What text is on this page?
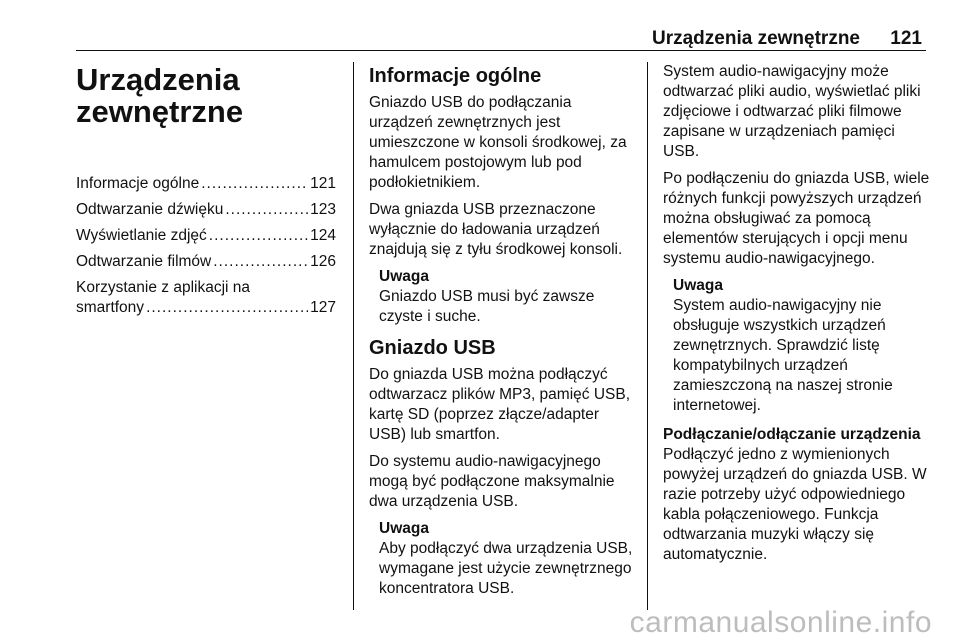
Urządzenia zewnętrzne 121
Urządzenia
zewnętrzne
Informacje ogólne .....	121
Odtwarzanie dźwięku .....	123
Wyświetlanie zdjęć .....	124
Odtwarzanie filmów .....	126
Korzystanie z aplikacji na
smartfony .....	127
Informacje ogólne

Gniazdo USB do podłączania urządzeń zewnętrznych jest umieszczone w konsoli środkowej, za hamulcem postojowym lub pod podłokietnikiem.

Dwa gniazda USB przeznaczone wyłącznie do ładowania urządzeń znajdują się z tyłu środkowej konsoli.

Uwaga
Gniazdo USB musi być zawsze czyste i suche.
Gniazdo USB

Do gniazda USB można podłączyć odtwarzacz plików MP3, pamięć USB, kartę SD (poprzez złącze/adapter USB) lub smartfon.

Do systemu audio-nawigacyjnego mogą być podłączone maksymalnie dwa urządzenia USB.

Uwaga
Aby podłączyć dwa urządzenia USB, wymagane jest użycie zewnętrznego koncentratora USB.

System audio-nawigacyjny może odtwarzać pliki audio, wyświetlać pliki zdjęciowe i odtwarzać pliki filmowe zapisane w urządzeniach pamięci USB.

Po podłączeniu do gniazda USB, wiele różnych funkcji powyższych urządzeń można obsługiwać za pomocą elementów sterujących i opcji menu systemu audio-nawigacyjnego.

Uwaga
System audio-nawigacyjny nie obsługuje wszystkich urządzeń zewnętrznych. Sprawdzić listę kompatybilnych urządzeń zamieszczoną na naszej stronie internetowej.
Podłączanie/odłączanie urządzenia

Podłączyć jedno z wymienionych powyżej urządzeń do gniazda USB. W razie potrzeby użyć odpowiedniego kabla połączeniowego. Funkcja odtwarzania muzyki włączy się automatycznie.

carmanualsonline.info
